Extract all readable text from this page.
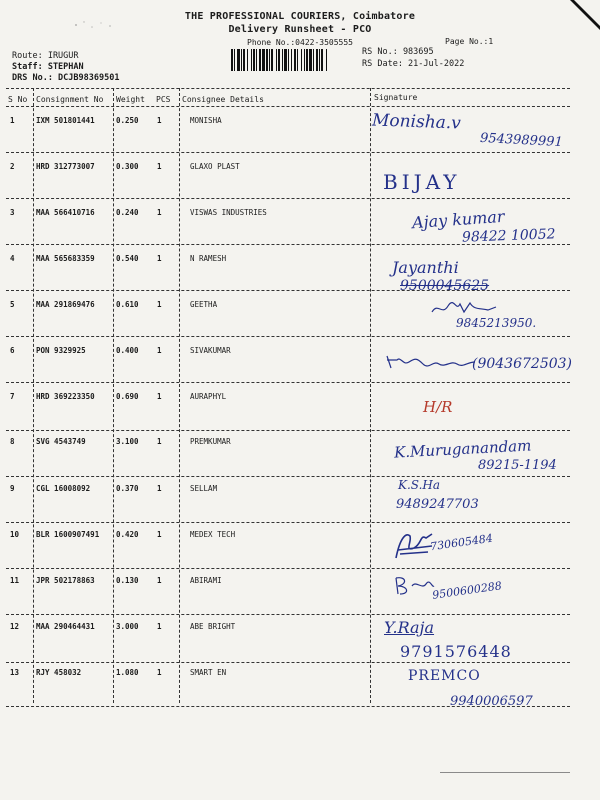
THE PROFESSIONAL COURIERS, Coimbatore
Delivery Runsheet - PCO
Phone No.:0422-3505555	Page No.:1
Route: IRUGUR
Staff: STEPHAN
DRS No.: DCJB98369501
RS No.: 983695
RS Date: 21-Jul-2022
S No Consignment No Weight PCS Consignee Details	Signature
1	IXM 501801441	0.250 1	MONISHA	Monisha.v
9543989991
2	HRD 312773007	0.300 1	GLAXO PLAST
BIJAY
3	MAA 566410716	0.240 1	VISWAS INDUSTRIES	Ajay kumar
98422 10052
4	MAA 565683359	0.540 1	N RAMESH	Jayanthi
9500045625
5	MAA 291869476	0.610 1	GEETHA
9845213950.
6	PON 9329925	0.400 1	SIVAKUMAR
(9043672503)
7	HRD 369223350	0.690 1	AURAPHYL
H/R
8	SVG 4543749	3.100 1	PREMKUMAR	K.Muruganandam
89215-1194
9	CGL 16008092	0.370 1	SELLAM	K.S.Ha
9489247703
10 BLR 1600907491 0.420 1	MEDEX TECH	730605484
11 JPR 502178863	0.130 1	ABIRAMI	9500600288
12 MAA 290464431	3.000 1	ABE BRIGHT	Y.Raja
9791576448
13 RJY 458032	1.080 1	SMART EN	PREMCO
9940006597
